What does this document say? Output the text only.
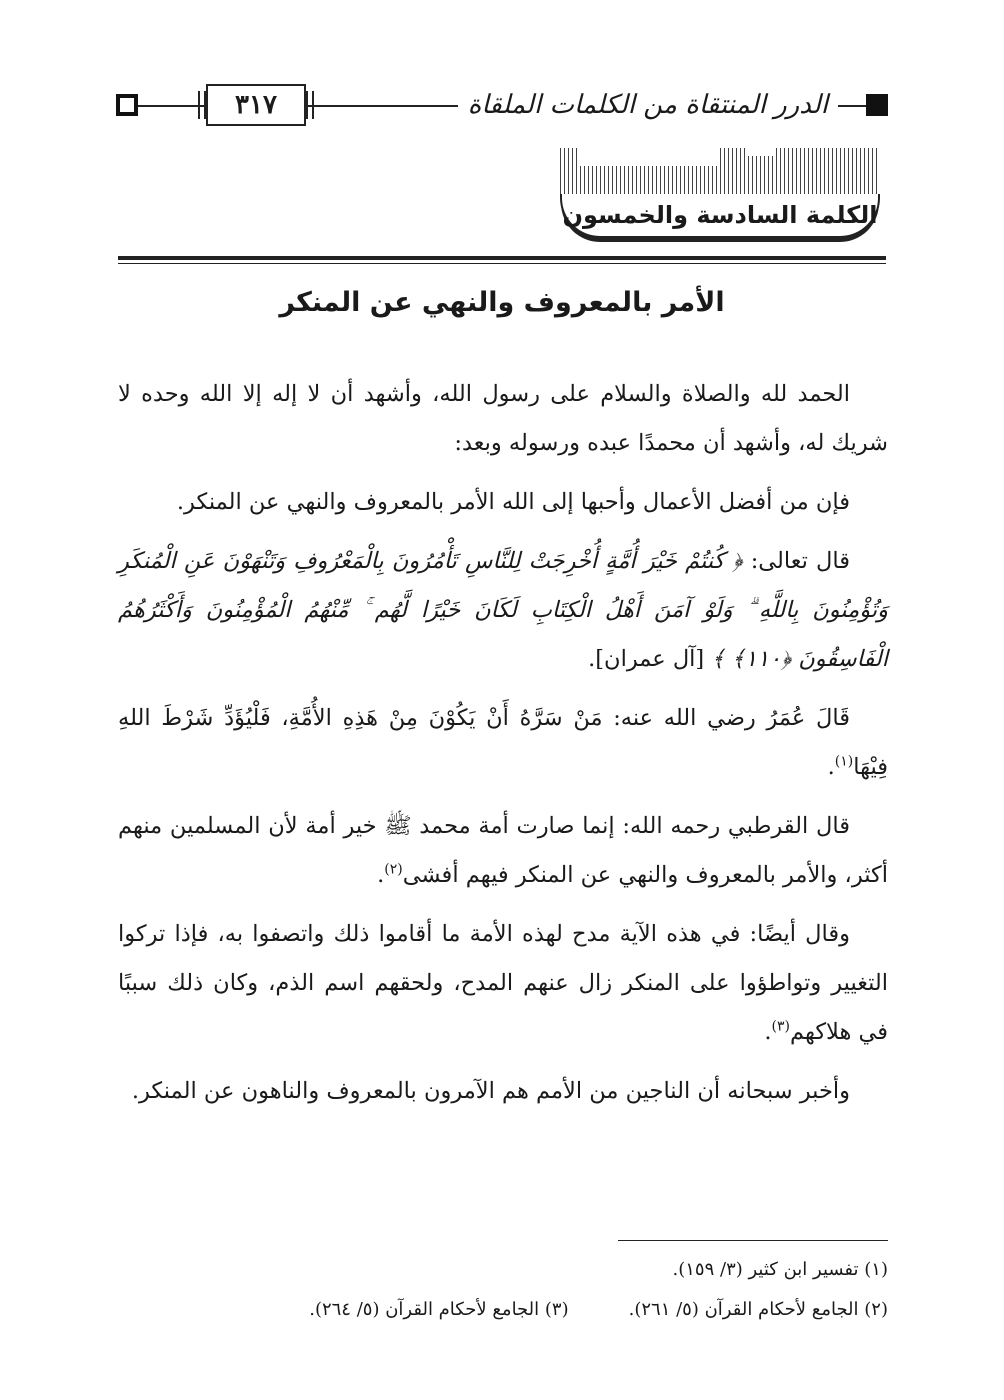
٣١٧	الدرر المنتقاة من الكلمات الملقاة
الكلمة السادسة والخمسون
الأمر بالمعروف والنهي عن المنكر

الحمد لله والصلاة والسلام على رسول الله، وأشهد أن لا إله إلا الله وحده لا شريك له، وأشهد أن محمدًا عبده ورسوله وبعد:

فإن من أفضل الأعمال وأحبها إلى الله الأمر بالمعروف والنهي عن المنكر.

قال تعالى: ﴿ كُنتُمْ خَيْرَ أُمَّةٍ أُخْرِجَتْ لِلنَّاسِ تَأْمُرُونَ بِالْمَعْرُوفِ وَتَنْهَوْنَ عَنِ الْمُنكَرِ وَتُؤْمِنُونَ بِاللَّهِ ۗ وَلَوْ آمَنَ أَهْلُ الْكِتَابِ لَكَانَ خَيْرًا لَّهُم ۚ مِّنْهُمُ الْمُؤْمِنُونَ وَأَكْثَرُهُمُ الْفَاسِقُونَ ﴿١١٠﴾ ﴾ [آل عمران].

قَالَ عُمَرُ رضي الله عنه: مَنْ سَرَّهُ أَنْ يَكُوْنَ مِنْ هَذِهِ الأُمَّةِ، فَلْيُؤَدِّ شَرْطَ اللهِ فِيْهَا$^{(١)}$.

قال القرطبي رحمه الله: إنما صارت أمة محمد ﷺ خير أمة لأن المسلمين منهم أكثر، والأمر بالمعروف والنهي عن المنكر فيهم أفشى$^{(٢)}$.

وقال أيضًا: في هذه الآية مدح لهذه الأمة ما أقاموا ذلك واتصفوا به، فإذا تركوا التغيير وتواطؤوا على المنكر زال عنهم المدح، ولحقهم اسم الذم، وكان ذلك سببًا في هلاكهم$^{(٣)}$.

وأخبر سبحانه أن الناجين من الأمم هم الآمرون بالمعروف والناهون عن المنكر.

(١) تفسير ابن كثير (٣/ ١٥٩).
(٢) الجامع لأحكام القرآن (٥/ ٢٦١).
(٣) الجامع لأحكام القرآن (٥/ ٢٦٤).
